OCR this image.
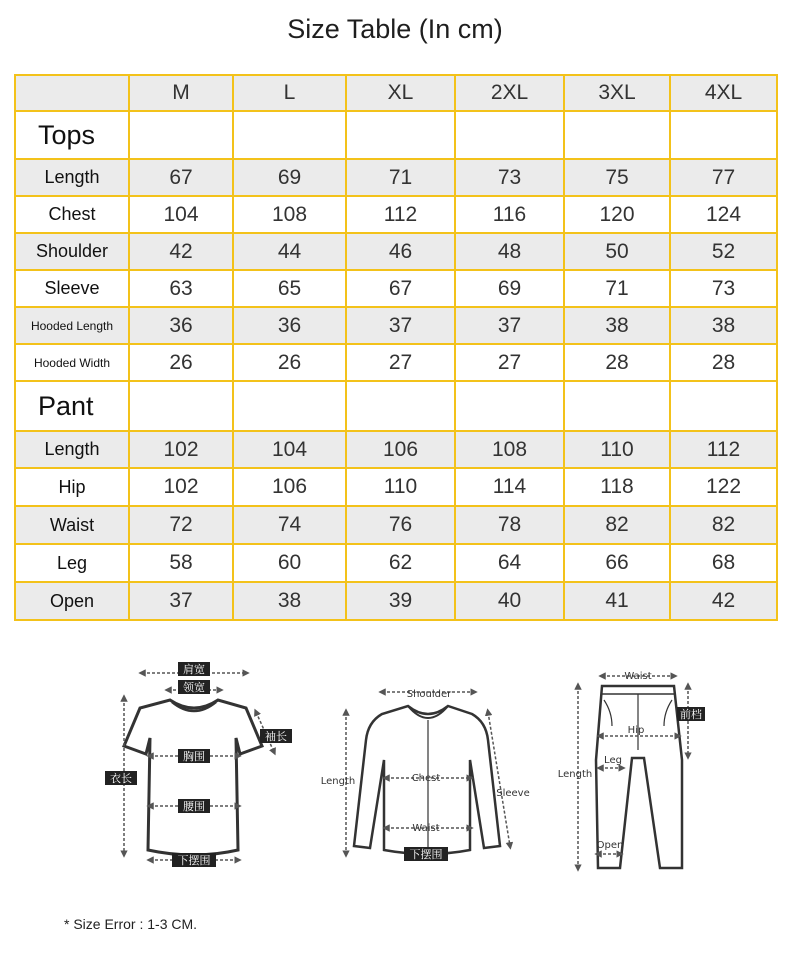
Size Table (In cm)
	M	L	XL	2XL	3XL	4XL
Tops						
Length	67	69	71	73	75	77
Chest	104	108	112	116	120	124
Shoulder	42	44	46	48	50	52
Sleeve	63	65	67	69	71	73
Hooded Length	36	36	37	37	38	38
Hooded Width	26	26	27	27	28	28
Pant						
Length	102	104	106	108	110	112
Hip	102	106	110	114	118	122
Waist	72	74	76	78	82	82
Leg	58	60	62	64	66	68
Open	37	38	39	40	41	42
肩宽
领宽
胸围
腰围
下摆围
衣长
袖长
Shoulder
Chest
Waist
Length
Sleeve
下摆围
Waist
Hip
Length
Leg
Open
前档
* Size Error : 1-3 CM.
